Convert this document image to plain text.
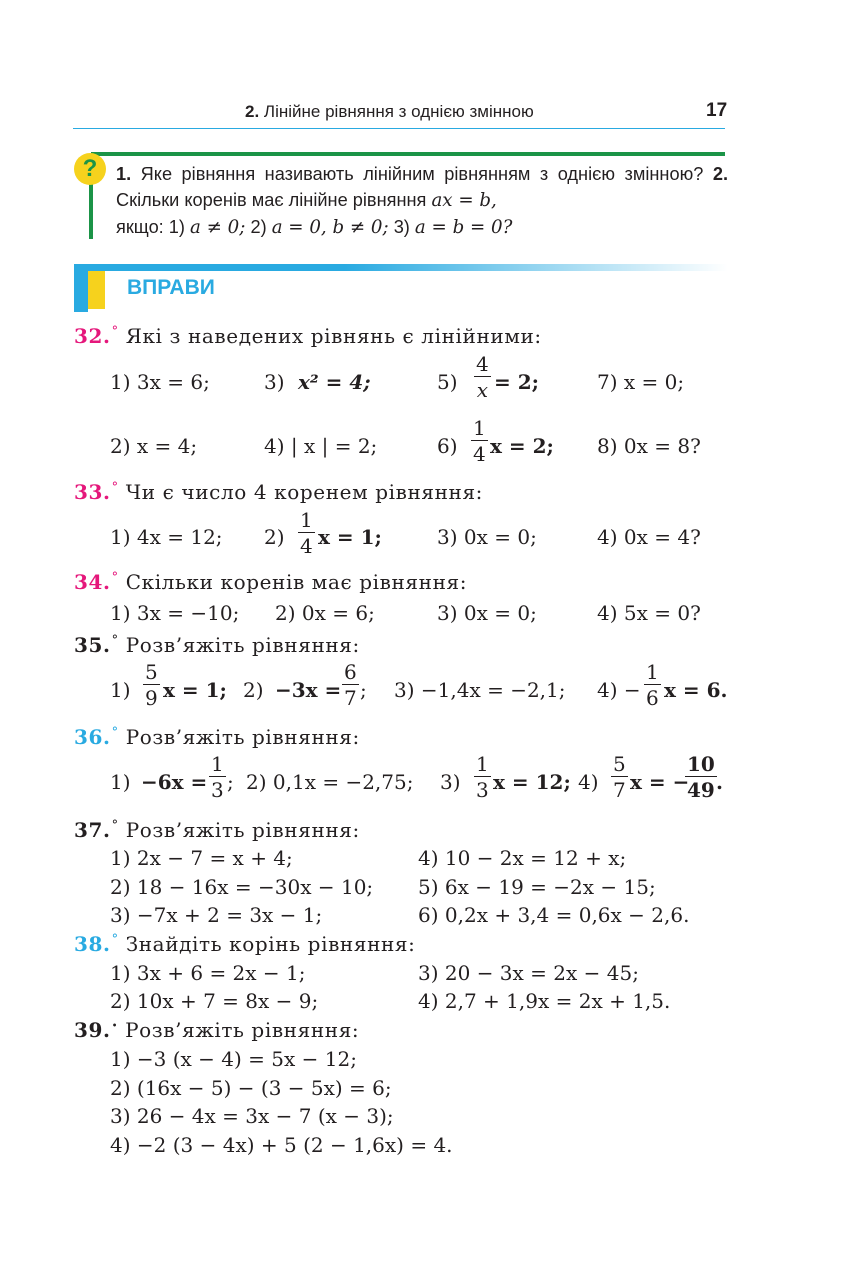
2. Лінійне рівняння з однією змінною	17
?	1. Яке рівняння називають лінійним рівнянням з однією змінною? 2. Скільки коренів має лінійне рівняння ax = b,
якщо: 1) a ≠ 0; 2) a = 0, b ≠ 0; 3) a = b = 0?
ВПРАВИ
32.° Які з наведених рівнянь є лінійними:
1) 3x = 6;	3) x² = 4;	$5) \frac{4}{x} = 2$;	7) x = 0;
2) x = 4;	4) | x | = 2;	$6) \frac{1}{4}$ x = 2; 8) 0x = 8?
33.° Чи є число 4 коренем рівняння:
1) 4x = 12; $2) \frac{1}{4}$ x = 1;	3) 0x = 0;	4) 0x = 4?
34.° Скільки коренів має рівняння:
1) 3x = −10; 2) 0x = 6;	3) 0x = 0;	4) 5x = 0?
35.° Розв’яжіть рівняння:
$1) \frac{5}{9}$ x = 1; $2) -3x = \frac{6}{7}$ ; 3) −1,4x = −2,1; $4) - \frac{1}{6}$ x = 6.
36.° Розв’яжіть рівняння:
$1) -6x = \frac{1}{3}$ ; 2) 0,1x = −2,75; $3) \frac{1}{3}$ x = 12; $4) \frac{5}{7}$ x = −
$\frac{10}{49}$ .
37.° Розв’яжіть рівняння:
1) 2x − 7 = x + 4;	4) 10 − 2x = 12 + x;
2) 18 − 16x = −30x − 10; 5) 6x − 19 = −2x − 15;
3) −7x + 2 = 3x − 1;	6) 0,2x + 3,4 = 0,6x − 2,6.
38.° Знайдіть корінь рівняння:
1) 3x + 6 = 2x − 1;	3) 20 − 3x = 2x − 45;
2) 10x + 7 = 8x − 9;	4) 2,7 + 1,9x = 2x + 1,5.
39.• Розв’яжіть рівняння:
1) −3 (x − 4) = 5x − 12;
2) (16x − 5) − (3 − 5x) = 6;
3) 26 − 4x = 3x − 7 (x − 3);
4) −2 (3 − 4x) + 5 (2 − 1,6x) = 4.
